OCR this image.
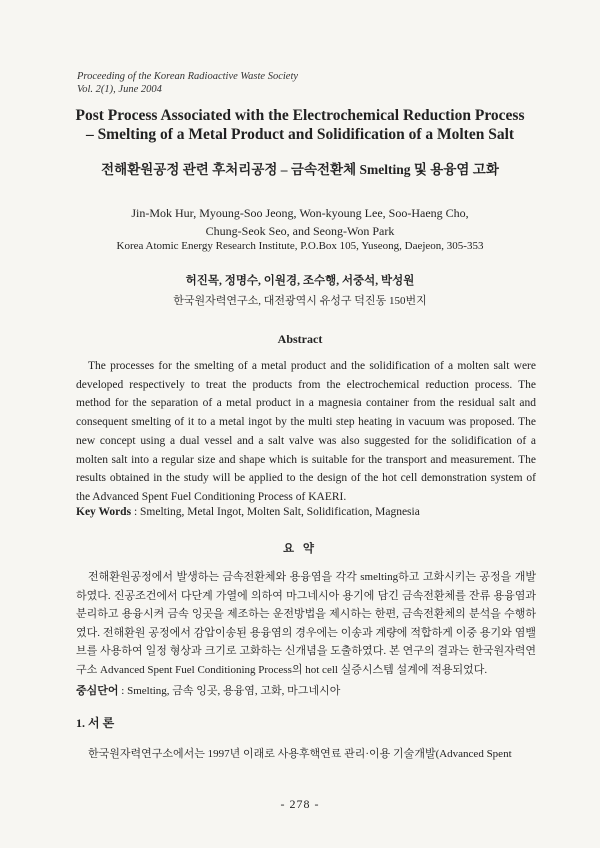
Proceeding of the Korean Radioactive Waste Society
Vol. 2(1), June 2004
Post Process Associated with the Electrochemical Reduction Process
– Smelting of a Metal Product and Solidification of a Molten Salt
전해환원공정 관련 후처리공정 – 금속전환체 Smelting 및 용융염 고화
Jin-Mok Hur, Myoung-Soo Jeong, Won-kyoung Lee, Soo-Haeng Cho,
Chung-Seok Seo, and Seong-Won Park
Korea Atomic Energy Research Institute, P.O.Box 105, Yuseong, Daejeon, 305-353
허진목, 정명수, 이원경, 조수행, 서중석, 박성원
한국원자력연구소, 대전광역시 유성구 덕진동 150번지
Abstract
The processes for the smelting of a metal product and the solidification of a molten salt were developed respectively to treat the products from the electrochemical reduction process. The method for the separation of a metal product in a magnesia container from the residual salt and consequent smelting of it to a metal ingot by the multi step heating in vacuum was proposed. The new concept using a dual vessel and a salt valve was also suggested for the solidification of a molten salt into a regular size and shape which is suitable for the transport and measurement. The results obtained in the study will be applied to the design of the hot cell demonstration system of the Advanced Spent Fuel Conditioning Process of KAERI.
Key Words : Smelting, Metal Ingot, Molten Salt, Solidification, Magnesia
요 약
전해환원공정에서 발생하는 금속전환체와 용융염을 각각 smelting하고 고화시키는 공정을 개발하였다. 진공조건에서 다단계 가열에 의하여 마그네시아 용기에 담긴 금속전환체를 잔류 용융염과 분리하고 용융시켜 금속 잉곳을 제조하는 운전방법을 제시하는 한편, 금속전환체의 분석을 수행하였다. 전해환원 공정에서 감압이송된 용융염의 경우에는 이송과 계량에 적합하게 이중 용기와 염밸브를 사용하여 일정 형상과 크기로 고화하는 신개념을 도출하였다. 본 연구의 결과는 한국원자력연구소 Advanced Spent Fuel Conditioning Process의 hot cell 실증시스템 설계에 적용되었다.
중심단어 : Smelting, 금속 잉곳, 용융염, 고화, 마그네시아
1. 서 론
한국원자력연구소에서는 1997년 이래로 사용후핵연료 관리·이용 기술개발(Advanced Spent
- 278 -
